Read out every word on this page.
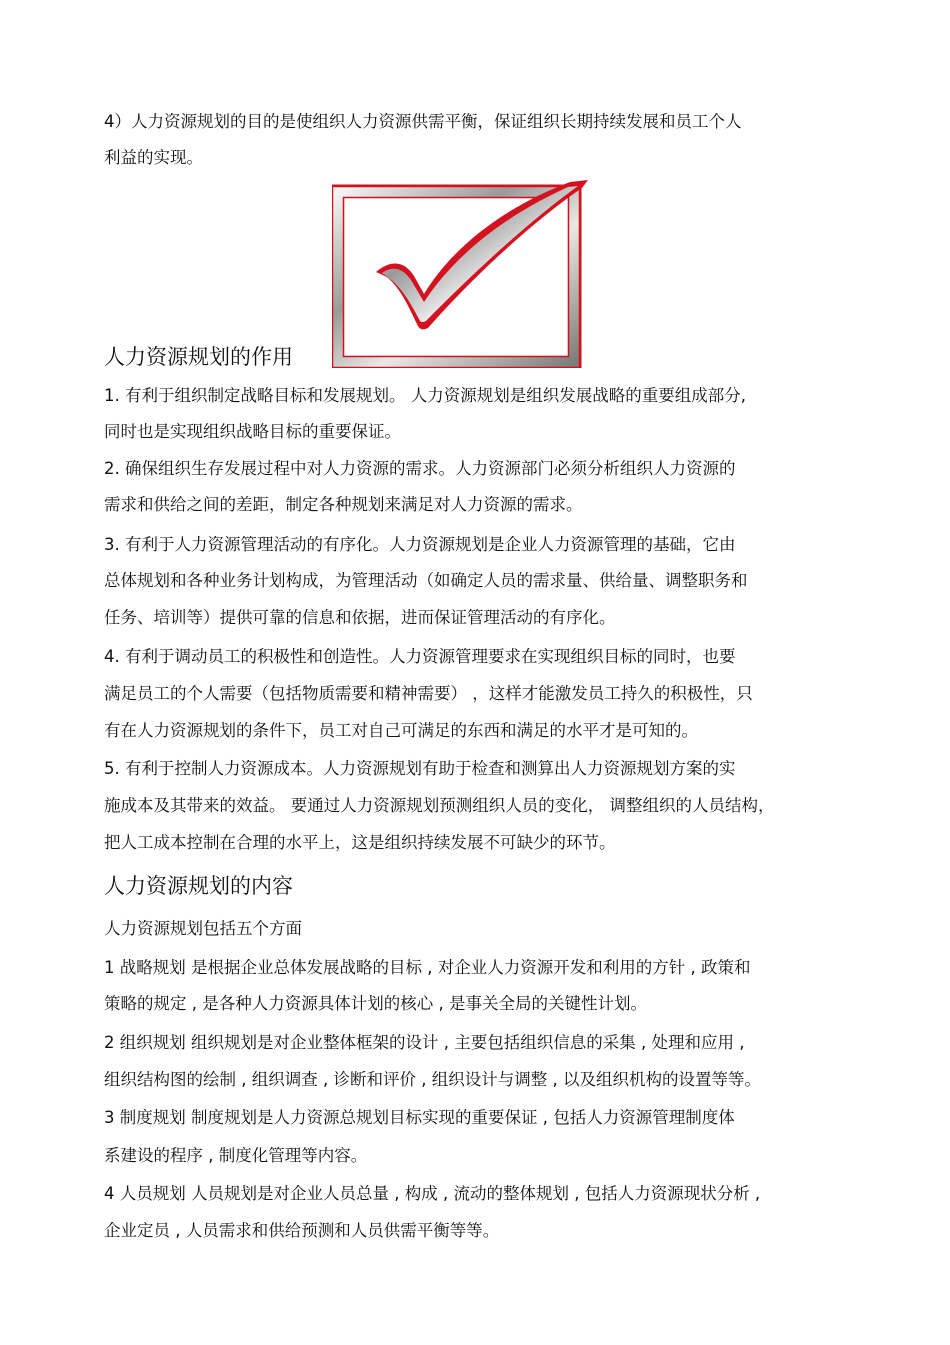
4）人力资源规划的目的是使组织人力资源供需平衡，保证组织长期持续发展和员工个人
利益的实现。
人力资源规划的作用
1. 有利于组织制定战略目标和发展规划。 人力资源规划是组织发展战略的重要组成部分,
同时也是实现组织战略目标的重要保证。
2. 确保组织生存发展过程中对人力资源的需求。人力资源部门必须分析组织人力资源的
需求和供给之间的差距，制定各种规划来满足对人力资源的需求。
3. 有利于人力资源管理活动的有序化。人力资源规划是企业人力资源管理的基础，它由
总体规划和各种业务计划构成，为管理活动（如确定人员的需求量、供给量、调整职务和
任务、培训等）提供可靠的信息和依据，进而保证管理活动的有序化。
4. 有利于调动员工的积极性和创造性。人力资源管理要求在实现组织目标的同时，也要
满足员工的个人需要（包括物质需要和精神需要） ，这样才能激发员工持久的积极性，只
有在人力资源规划的条件下，员工对自己可满足的东西和满足的水平才是可知的。
5. 有利于控制人力资源成本。人力资源规划有助于检查和测算出人力资源规划方案的实
施成本及其带来的效益。 要通过人力资源规划预测组织人员的变化， 调整组织的人员结构，
把人工成本控制在合理的水平上，这是组织持续发展不可缺少的环节。
人力资源规划的内容
人力资源规划包括五个方面
1 战略规划 是根据企业总体发展战略的目标 , 对企业人力资源开发和利用的方针 , 政策和
策略的规定 , 是各种人力资源具体计划的核心 , 是事关全局的关键性计划。
2 组织规划 组织规划是对企业整体框架的设计 , 主要包括组织信息的采集 , 处理和应用 ,
组织结构图的绘制 , 组织调查 , 诊断和评价 , 组织设计与调整 , 以及组织机构的设置等等。
3 制度规划 制度规划是人力资源总规划目标实现的重要保证 , 包括人力资源管理制度体
系建设的程序 , 制度化管理等内容。
4 人员规划 人员规划是对企业人员总量 , 构成 , 流动的整体规划 , 包括人力资源现状分析 ,
企业定员 , 人员需求和供给预测和人员供需平衡等等。
